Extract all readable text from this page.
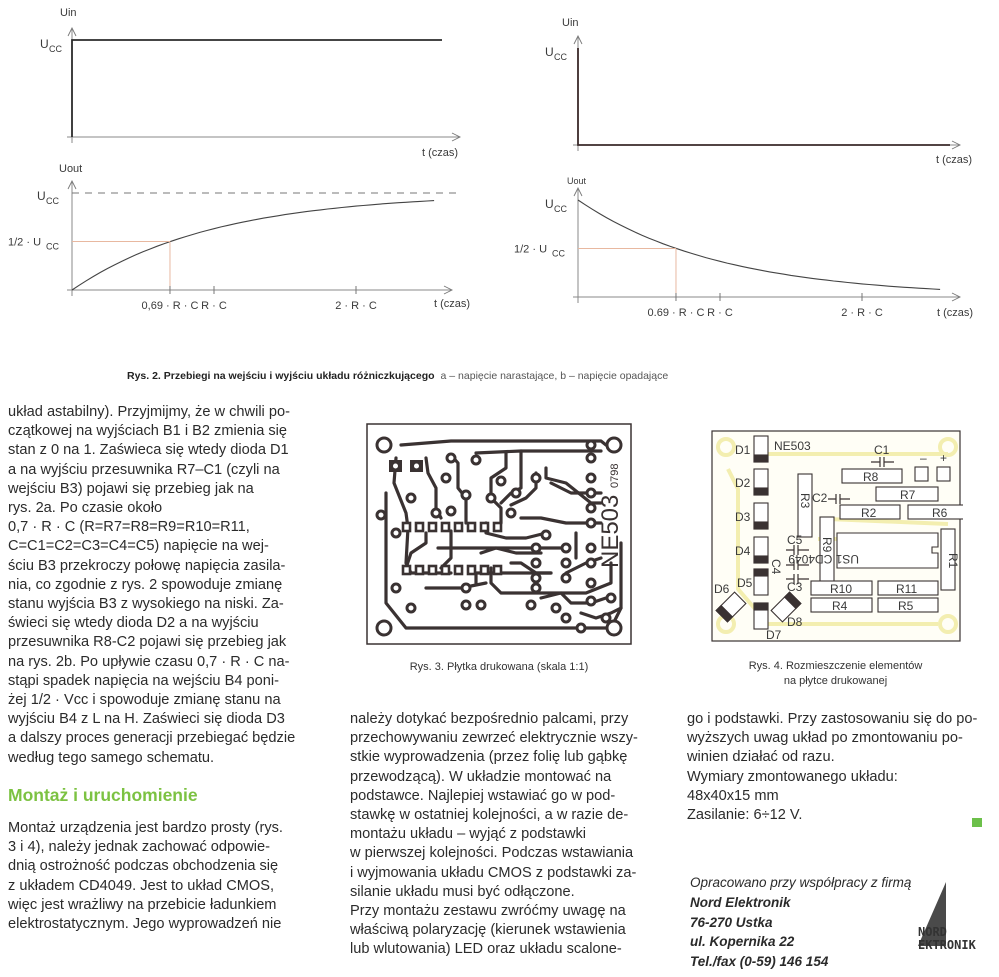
Uin
t (czas)
U CC
Uout
t (czas)
U CC
0,69 · R · C R · C	2 · R · C
CC
1/2 · U
Uin
t (czas)
U CC
Uout
t (czas)
U CC
0.69 · R · C R · C	2 · R · C
CC
1/2 · U
Rys. 2. Przebiegi na wejściu i wyjściu układu różniczkującego a – napięcie narastające, b – napięcie opadające
układ astabilny). Przyjmijmy, że w chwili po-
czątkowej na wyjściach B1 i B2 zmienia się
stan z 0 na 1. Zaświeca się wtedy dioda D1
a na wyjściu przesuwnika R7–C1 (czyli na
wejściu B3) pojawi się przebieg jak na
rys. 2a. Po czasie około
0,7 · R · C (R=R7=R8=R9=R10=R11,
C=C1=C2=C3=C4=C5) napięcie na wej-
ściu B3 przekroczy połowę napięcia zasila-
nia, co zgodnie z rys. 2 spowoduje zmianę
stanu wyjścia B3 z wysokiego na niski. Za-
świeci się wtedy dioda D2 a na wyjściu
przesuwnika R8-C2 pojawi się przebieg jak
na rys. 2b. Po upływie czasu 0,7 · R · C na-
stąpi spadek napięcia na wejściu B4 poni-
żej 1/2 · Vcc i spowoduje zmianę stanu na
wyjściu B4 z L na H. Zaświeci się dioda D3
a dalszy proces generacji przebiegać będzie
według tego samego schematu.
Montaż i uruchomienie
Montaż urządzenia jest bardzo prosty (rys.
3 i 4), należy jednak zachować odpowie-
dnią ostrożność podczas obchodzenia się
z układem CD4049. Jest to układ CMOS,
więc jest wrażliwy na przebicie ładunkiem
elektrostatycznym. Jego wyprowadzeń nie
NE503
0798
Rys. 3. Płytka drukowana (skala 1:1)
NE503
D1
D2
D3
D4
D5
D6
D7
D8
R1
R2
R3
R4	R5
R6
R7
R8
R9
R10	R11
C1
C2
C3
C4
C5
– +
US1 CD4049
Rys. 4. Rozmieszczenie elementów
na płytce drukowanej
należy dotykać bezpośrednio palcami, przy
przechowywaniu zewrzeć elektrycznie wszy-
stkie wyprowadzenia (przez folię lub gąbkę
przewodzącą). W układzie montować na
podstawce. Najlepiej wstawiać go w pod-
stawkę w ostatniej kolejności, a w razie de-
montażu układu – wyjąć z podstawki
w pierwszej kolejności. Podczas wstawiania
i wyjmowania układu CMOS z podstawki za-
silanie układu musi być odłączone.
Przy montażu zestawu zwróćmy uwagę na
właściwą polaryzację (kierunek wstawienia
lub wlutowania) LED oraz układu scalone-
go i podstawki. Przy zastosowaniu się do po-
wyższych uwag układ po zmontowaniu po-
winien działać od razu.
Wymiary zmontowanego układu:
48x40x15 mm
Zasilanie: 6÷12 V.
Opracowano przy współpracy z firmą
Nord Elektronik
76-270 Ustka
ul. Kopernika 22
Tel./fax (0-59) 146 154
NORD
EKTRONIK
